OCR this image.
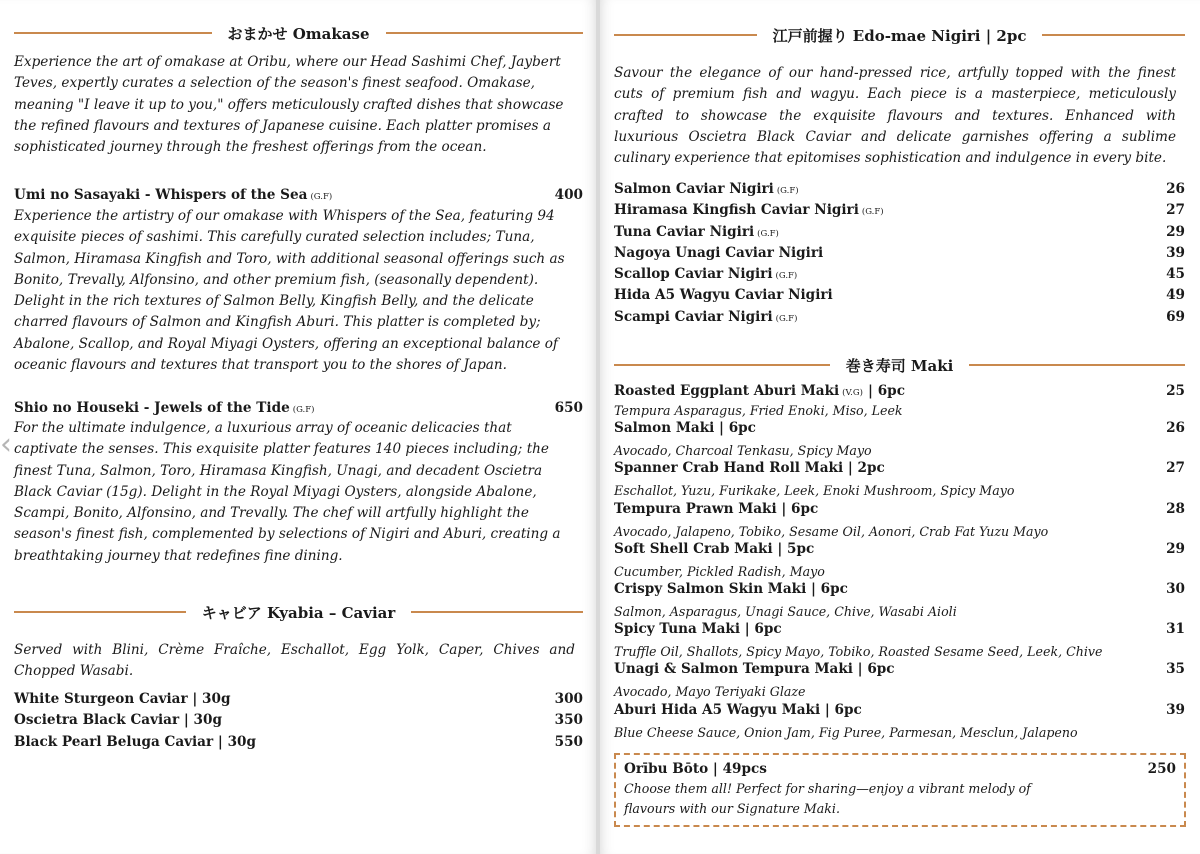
おまかせ Omakase

Experience the art of omakase at Oribu, where our Head Sashimi Chef, Jaybert Teves, expertly curates a selection of the season's finest seafood. Omakase, meaning "I leave it up to you," offers meticulously crafted dishes that showcase the refined flavours and textures of Japanese cuisine. Each platter promises a sophisticated journey through the freshest offerings from the ocean.

Umi no Sasayaki - Whispers of the Sea (G.F)	400

Experience the artistry of our omakase with Whispers of the Sea, featuring 94 exquisite pieces of sashimi. This carefully curated selection includes; Tuna, Salmon, Hiramasa Kingfish and Toro, with additional seasonal offerings such as Bonito, Trevally, Alfonsino, and other premium fish, (seasonally dependent). Delight in the rich textures of Salmon Belly, Kingfish Belly, and the delicate charred flavours of Salmon and Kingfish Aburi. This platter is completed by; Abalone, Scallop, and Royal Miyagi Oysters, offering an exceptional balance of oceanic flavours and textures that transport you to the shores of Japan.

Shio no Houseki - Jewels of the Tide (G.F)	650

For the ultimate indulgence, a luxurious array of oceanic delicacies that captivate the senses. This exquisite platter features 140 pieces including; the finest Tuna, Salmon, Toro, Hiramasa Kingfish, Unagi, and decadent Oscietra Black Caviar (15g). Delight in the Royal Miyagi Oysters, alongside Abalone, Scampi, Bonito, Alfonsino, and Trevally. The chef will artfully highlight the season's finest fish, complemented by selections of Nigiri and Aburi, creating a breathtaking journey that redefines fine dining.

キャビア Kyabia – Caviar

Served with Blini, Crème Fraîche, Eschallot, Egg Yolk, Caper, Chives and Chopped Wasabi.

White Sturgeon Caviar | 30g	300
Oscietra Black Caviar | 30g	350
Black Pearl Beluga Caviar | 30g	550
‹
江戸前握り Edo-mae Nigiri | 2pc

Savour the elegance of our hand-pressed rice, artfully topped with the finest cuts of premium fish and wagyu. Each piece is a masterpiece, meticulously crafted to showcase the exquisite flavours and textures. Enhanced with luxurious Oscietra Black Caviar and delicate garnishes offering a sublime culinary experience that epitomises sophistication and indulgence in every bite.

Salmon Caviar Nigiri (G.F)	26
Hiramasa Kingfish Caviar Nigiri (G.F)	27
Tuna Caviar Nigiri (G.F)	29
Nagoya Unagi Caviar Nigiri	39
Scallop Caviar Nigiri (G.F)	45
Hida A5 Wagyu Caviar Nigiri	49
Scampi Caviar Nigiri (G.F)	69
巻き寿司 Maki
Roasted Eggplant Aburi Maki (V.G) | 6pc	25
Tempura Asparagus, Fried Enoki, Miso, Leek
Salmon Maki | 6pc	26
Avocado, Charcoal Tenkasu, Spicy Mayo
Spanner Crab Hand Roll Maki | 2pc	27
Eschallot, Yuzu, Furikake, Leek, Enoki Mushroom, Spicy Mayo
Tempura Prawn Maki | 6pc	28
Avocado, Jalapeno, Tobiko, Sesame Oil, Aonori, Crab Fat Yuzu Mayo
Soft Shell Crab Maki | 5pc	29
Cucumber, Pickled Radish, Mayo
Crispy Salmon Skin Maki | 6pc	30
Salmon, Asparagus, Unagi Sauce, Chive, Wasabi Aioli
Spicy Tuna Maki | 6pc	31
Truffle Oil, Shallots, Spicy Mayo, Tobiko, Roasted Sesame Seed, Leek, Chive
Unagi & Salmon Tempura Maki | 6pc	35
Avocado, Mayo Teriyaki Glaze
Aburi Hida A5 Wagyu Maki | 6pc	39
Blue Cheese Sauce, Onion Jam, Fig Puree, Parmesan, Mesclun, Jalapeno
Orību Bōto | 49pcs	250
Choose them all! Perfect for sharing—enjoy a vibrant melody of flavours with our Signature Maki.
